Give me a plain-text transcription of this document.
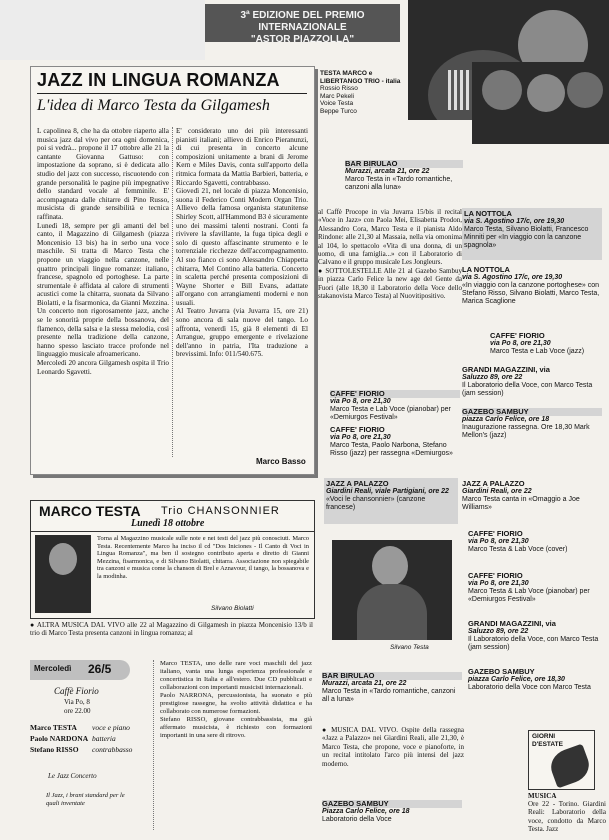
3ª EDIZIONE DEL PREMIO INTERNAZIONALE
"ASTOR PIAZZOLLA"
JAZZ IN LINGUA ROMANZA
L'idea di Marco Testa da Gilgamesh
L capolinea 8, che ha da ottobre riaperto alla musica jazz dal vivo per ora ogni domenica, poi si vedrà... propone il 17 ottobre alle 21 la cantante Giovanna Gattuso: con impostazione da soprano, si è dedicata allo studio del jazz con successo, riscuotendo con grande personalità le pagine più impegnative dello standard vocale al femminile. E' accompagnata dalle chitarre di Pino Russo, musicista di grande sensibilità e tecnica raffinata.
Lunedì 18, sempre per gli amanti del bel canto, il Magazzino di Gilgamesh (piazza Moncenisio 13 bis) ha in serbo una voce maschile. Si tratta di Marco Testa che propone un viaggio nella canzone, nelle quattro principali lingue romanze: italiano, francese, spagnolo ed portoghese. La parte strumentale è affidata al calore di strumenti acustici come la chitarra, suonata da Silvano Biolatti, e la fisarmonica, da Gianni Mezzina. Un concerto non rigorosamente jazz, anche se le sonorità proprie della bossanova, del flamenco, della salsa e la stessa melodia, così presente nella tradizione della canzone, hanno spesso lasciato tracce profonde nel linguaggio musicale afroamericano.
Mercoledì 20 ancora Gilgamesh ospita il Trio Leonardo Sgavetti.
E' considerato uno dei più interessanti pianisti italiani; allievo di Enrico Pieranunzi, di cui presenta in concerto alcune composizioni unitamente a brani di Jerome Kern e Miles Davis, conta sull'apporto della ritmica formata da Mattia Barbieri, batteria, e Riccardo Sgavetti, contrabbasso.
Giovedì 21, nel locale di piazza Moncenisio, suona il Federico Conti Modern Organ Trio. Allievo della famosa organista statunitense Shirley Scott, all'Hammond B3 è sicuramente uno dei massimi talenti nostrani. Conti fa rivivere la sfavillante, la fuga tipica degli e solo di questo affascinante strumento e le torrenziale ricchezze dell'accompagnamento. Al suo fianco ci sono Alessandro Chiappetta chitarra, Mel Contino alla batteria. Concerto in scaletta perché presenta composizioni di Wayne Shorter e Bill Evans, adattate all'organo con arrangiamenti moderni e non usuali.
Al Teatro Juvarra (via Juvarra 15, ore 21) sono ancora di sala nuove del tango. Lo affronta, venerdì 15, già 8 elementi di El Arrangue, gruppo emergente e rivelazione dell'anno in patria, l'Ita traduzione a brevissimi. Info: 011/540.675.
Marco Basso
TESTA MARCO e LIBERTANGO TRIO - italia
Rossio Risso
Marc Pekeli
Voice Testa
Beppe Turco
BAR BIRULAO
Murazzi, arcata 21, ore 22
Marco Testa in «Tardo romantiche, canzoni alla luna»
al Caffè Procope in via Juvarra 15/bis il recital «Voce in Jazz» con Paola Mei, Elisabetta Prodon, Alessandro Cora, Marco Testa e il pianista Aldo Rindone: alle 21,30 al Massaia, nella via omonima al 104, lo spettacolo «Vita di una donna, di un uomo, di una famiglia...» con il Laboratorio di Calvano e il gruppo musicale Les Jongleurs.
● SOTTOLESTELLE Alle 21 al Gazebo Sambuy in piazza Carlo Felice la new age del Gente da Fuori (alle 18,30 il Laboratorio della Voce dello stakanovista Marco Testa) al Nuovitipositivo.
LA NOTTOLA
via S. Agostino 17/c, ore 19,30
Marco Testa, Silvano Biolatti, Francesco Minniti per «In viaggio con la canzone spagnola»
LA NOTTOLA
via S. Agostino 17/c, ore 19,30
«In viaggio con la canzone portoghese» con Stefano Risso, Silvano Biolatti, Marco Testa, Marica Scaglione
CAFFE' FIORIO
via Po 8, ore 21,30
Marco Testa e Lab Voce (jazz)
GRANDI MAGAZZINI, via
Saluzzo 89, ore 22
Il Laboratorio della Voce, con Marco Testa (jam session)
GAZEBO SAMBUY
piazza Carlo Felice, ore 18
Inaugurazione rassegna. Ore 18,30 Mark Mellon's (jazz)
JAZZ A PALAZZO
Giardini Reali, ore 22
Marco Testa canta in «Omaggio a Joe Williams»
CAFFE' FIORIO
via Po 8, ore 21,30
Marco Testa & Lab Voce (cover)
CAFFE' FIORIO
via Po 8, ore 21,30
Marco Testa & Lab Voce (pianobar) per «Demiurgos Festival»
GRANDI MAGAZZINI, via
Saluzzo 89, ore 22
Il Laboratorio della Voce, con Marco Testa (jam session)
GAZEBO SAMBUY
piazza Carlo Felice, ore 18,30
Laboratorio della Voce con Marco Testa
CAFFE' FIORIO
via Po 8, ore 21,30
Marco Testa e Lab Voce (pianobar) per «Demiurgos Festival»
CAFFE' FIORIO
via Po 8, ore 21,30
Marco Testa, Paolo Narbona, Stefano Risso (jazz) per rassegna «Demiurgos»
JAZZ A PALAZZO
Giardini Reali, viale Partigiani, ore 22
«Voci le chansonnier» (canzone francese)
Silvano Testa
MARCO TESTA Trio CHANSONNIER
Lunedì 18 ottobre
Torna al Magazzino musicale sulle note e nei testi del jazz più conosciuti. Marco Testa. Recentemente Marco ha inciso il cd "Dos Iniciones - Il Canto di Voci in Lingua Romanza", ma ben il sostegno contributo aperta e diretto di Gianni Mezzina, fisarmonica, e di Silvano Biolatti, chitarra. Associazione non spiegabile tra canzoni e musica come la chanson di Brel e Aznavour, il tango, la bossanova e la modinha.
Silvano Biolatti
● ALTRA MUSICA DAL VIVO alle 22 al Magazzino di Gilgamesh in piazza Moncenisio 13/b il trio di Marco Testa presenta canzoni in lingua romanza; al
Mercoledì 26/5
Caffè Fiorio
Via Po, 8
ore 22.00
Marco TESTA voce e piano
Paolo NARDONA batteria
Stefano RISSO contrabbasso
Le Jazz Concerto
Il Jazz, i brani standard per le quali inventate
Marco TESTA, uno delle rare voci maschili del jazz italiano, vanta una lunga esperienza professionale e concertistica in Italia e all'estero. Due CD pubblicati e collaborazioni con importanti musicisti internazionali.
Paolo NARRONA, percussionista, ha suonato e più prestigiose rassegne, ha svolto attività didattica e ha collaborato con numerose formazioni.
Stefano RISSO, giovane contrabbassista, ma già affermato musicista, è richiesto con formazioni importanti in una sere di ritrovo.
BAR BIRULAO
Murazzi, arcata 21, ore 22
Marco Testa in «Tardo romantiche, canzoni all a luna»
● MUSICA DAL VIVO. Ospite della rassegna «Jazz a Palazzo» nei Giardini Reali, alle 21,30, è Marco Testa, che propone, voce e pianoforte, in un recital intitolato l'arco più intensi del jazz moderno.
GAZEBO SAMBUY
Piazza Carlo Felice, ore 18
Laboratorio della Voce
GIORNI D'ESTATE
MUSICA
Ore 22 - Torino. Giardini Reali: Laboratorio della voce, condotto da Marco Testa. Jazz
